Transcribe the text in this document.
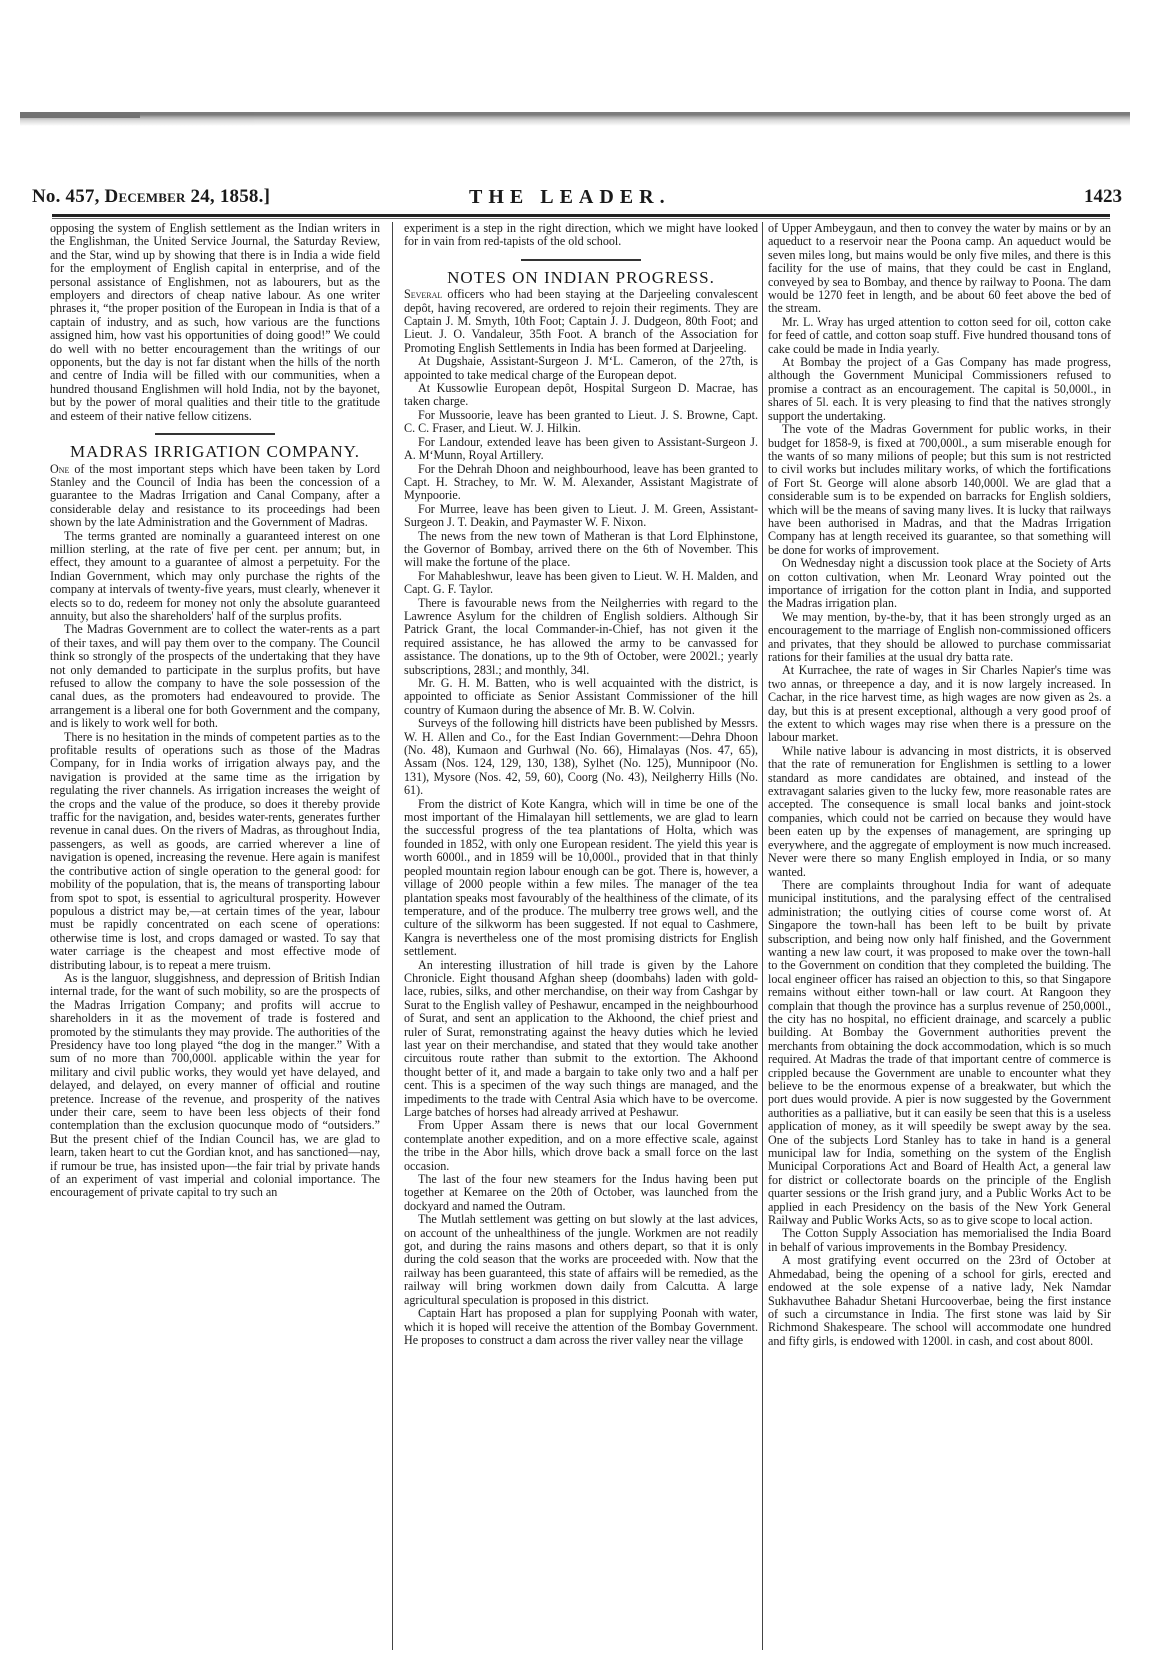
No. 457, December 24, 1858.]	THE LEADER.	1423

opposing the system of English settlement as the Indian writers in the Englishman, the United Service Journal, the Saturday Review, and the Star, wind up by showing that there is in India a wide field for the employment of English capital in enterprise, and of the personal assistance of Englishmen, not as labourers, but as the employers and directors of cheap native labour. As one writer phrases it, “the proper position of the European in India is that of a captain of industry, and as such, how various are the functions assigned him, how vast his opportunities of doing good!” We could do well with no better encouragement than the writings of our opponents, but the day is not far distant when the hills of the north and centre of India will be filled with our communities, when a hundred thousand Englishmen will hold India, not by the bayonet, but by the power of moral qualities and their title to the gratitude and esteem of their native fellow citizens.

MADRAS IRRIGATION COMPANY.

One of the most important steps which have been taken by Lord Stanley and the Council of India has been the concession of a guarantee to the Madras Irrigation and Canal Company, after a considerable delay and resistance to its proceedings had been shown by the late Administration and the Government of Madras.

The terms granted are nominally a guaranteed interest on one million sterling, at the rate of five per cent. per annum; but, in effect, they amount to a guarantee of almost a perpetuity. For the Indian Government, which may only purchase the rights of the company at intervals of twenty-five years, must clearly, whenever it elects so to do, redeem for money not only the absolute guaranteed annuity, but also the shareholders' half of the surplus profits.

The Madras Government are to collect the water-rents as a part of their taxes, and will pay them over to the company. The Council think so strongly of the prospects of the undertaking that they have not only demanded to participate in the surplus profits, but have refused to allow the company to have the sole possession of the canal dues, as the promoters had endeavoured to provide. The arrangement is a liberal one for both Government and the company, and is likely to work well for both.

There is no hesitation in the minds of competent parties as to the profitable results of operations such as those of the Madras Company, for in India works of irrigation always pay, and the navigation is provided at the same time as the irrigation by regulating the river channels. As irrigation increases the weight of the crops and the value of the produce, so does it thereby provide traffic for the navigation, and, besides water-rents, generates further revenue in canal dues. On the rivers of Madras, as throughout India, passengers, as well as goods, are carried wherever a line of navigation is opened, increasing the revenue. Here again is manifest the contributive action of single operation to the general good: for mobility of the population, that is, the means of transporting labour from spot to spot, is essential to agricultural prosperity. However populous a district may be,—at certain times of the year, labour must be rapidly concentrated on each scene of operations: otherwise time is lost, and crops damaged or wasted. To say that water carriage is the cheapest and most effective mode of distributing labour, is to repeat a mere truism.

As is the languor, sluggishness, and depression of British Indian internal trade, for the want of such mobility, so are the prospects of the Madras Irrigation Company; and profits will accrue to shareholders in it as the movement of trade is fostered and promoted by the stimulants they may provide. The authorities of the Presidency have too long played “the dog in the manger.” With a sum of no more than 700,000l. applicable within the year for military and civil public works, they would yet have delayed, and delayed, and delayed, on every manner of official and routine pretence. Increase of the revenue, and prosperity of the natives under their care, seem to have been less objects of their fond contemplation than the exclusion quocunque modo of “outsiders.” But the present chief of the Indian Council has, we are glad to learn, taken heart to cut the Gordian knot, and has sanctioned—nay, if rumour be true, has insisted upon—the fair trial by private hands of an experiment of vast imperial and colonial importance. The encouragement of private capital to try such an

experiment is a step in the right direction, which we might have looked for in vain from red-tapists of the old school.

NOTES ON INDIAN PROGRESS.

Several officers who had been staying at the Darjeeling convalescent depôt, having recovered, are ordered to rejoin their regiments. They are Captain J. M. Smyth, 10th Foot; Captain J. J. Dudgeon, 80th Foot; and Lieut. J. O. Vandaleur, 35th Foot. A branch of the Association for Promoting English Settlements in India has been formed at Darjeeling.

At Dugshaie, Assistant-Surgeon J. M‘L. Cameron, of the 27th, is appointed to take medical charge of the European depot.

At Kussowlie European depôt, Hospital Surgeon D. Macrae, has taken charge.

For Mussoorie, leave has been granted to Lieut. J. S. Browne, Capt. C. C. Fraser, and Lieut. W. J. Hilkin.

For Landour, extended leave has been given to Assistant-Surgeon J. A. M‘Munn, Royal Artillery.

For the Dehrah Dhoon and neighbourhood, leave has been granted to Capt. H. Strachey, to Mr. W. M. Alexander, Assistant Magistrate of Mynpoorie.

For Murree, leave has been given to Lieut. J. M. Green, Assistant-Surgeon J. T. Deakin, and Paymaster W. F. Nixon.

The news from the new town of Matheran is that Lord Elphinstone, the Governor of Bombay, arrived there on the 6th of November. This will make the fortune of the place.

For Mahableshwur, leave has been given to Lieut. W. H. Malden, and Capt. G. F. Taylor.

There is favourable news from the Neilgherries with regard to the Lawrence Asylum for the children of English soldiers. Although Sir Patrick Grant, the local Commander-in-Chief, has not given it the required assistance, he has allowed the army to be canvassed for assistance. The donations, up to the 9th of October, were 2002l.; yearly subscriptions, 283l.; and monthly, 34l.

Mr. G. H. M. Batten, who is well acquainted with the district, is appointed to officiate as Senior Assistant Commissioner of the hill country of Kumaon during the absence of Mr. B. W. Colvin.

Surveys of the following hill districts have been published by Messrs. W. H. Allen and Co., for the East Indian Government:—Dehra Dhoon (No. 48), Kumaon and Gurhwal (No. 66), Himalayas (Nos. 47, 65), Assam (Nos. 124, 129, 130, 138), Sylhet (No. 125), Munnipoor (No. 131), Mysore (Nos. 42, 59, 60), Coorg (No. 43), Neilgherry Hills (No. 61).

From the district of Kote Kangra, which will in time be one of the most important of the Himalayan hill settlements, we are glad to learn the successful progress of the tea plantations of Holta, which was founded in 1852, with only one European resident. The yield this year is worth 6000l., and in 1859 will be 10,000l., provided that in that thinly peopled mountain region labour enough can be got. There is, however, a village of 2000 people within a few miles. The manager of the tea plantation speaks most favourably of the healthiness of the climate, of its temperature, and of the produce. The mulberry tree grows well, and the culture of the silkworm has been suggested. If not equal to Cashmere, Kangra is nevertheless one of the most promising districts for English settlement.

An interesting illustration of hill trade is given by the Lahore Chronicle. Eight thousand Afghan sheep (doombahs) laden with gold-lace, rubies, silks, and other merchandise, on their way from Cashgar by Surat to the English valley of Peshawur, encamped in the neighbourhood of Surat, and sent an application to the Akhoond, the chief priest and ruler of Surat, remonstrating against the heavy duties which he levied last year on their merchandise, and stated that they would take another circuitous route rather than submit to the extortion. The Akhoond thought better of it, and made a bargain to take only two and a half per cent. This is a specimen of the way such things are managed, and the impediments to the trade with Central Asia which have to be overcome. Large batches of horses had already arrived at Peshawur.

From Upper Assam there is news that our local Government contemplate another expedition, and on a more effective scale, against the tribe in the Abor hills, which drove back a small force on the last occasion.

The last of the four new steamers for the Indus having been put together at Kemaree on the 20th of October, was launched from the dockyard and named the Outram.

The Mutlah settlement was getting on but slowly at the last advices, on account of the unhealthiness of the jungle. Workmen are not readily got, and during the rains masons and others depart, so that it is only during the cold season that the works are proceeded with. Now that the railway has been guaranteed, this state of affairs will be remedied, as the railway will bring workmen down daily from Calcutta. A large agricultural speculation is proposed in this district.

Captain Hart has proposed a plan for supplying Poonah with water, which it is hoped will receive the attention of the Bombay Government. He proposes to construct a dam across the river valley near the village

of Upper Ambeygaun, and then to convey the water by mains or by an aqueduct to a reservoir near the Poona camp. An aqueduct would be seven miles long, but mains would be only five miles, and there is this facility for the use of mains, that they could be cast in England, conveyed by sea to Bombay, and thence by railway to Poona. The dam would be 1270 feet in length, and be about 60 feet above the bed of the stream.

Mr. L. Wray has urged attention to cotton seed for oil, cotton cake for feed of cattle, and cotton soap stuff. Five hundred thousand tons of cake could be made in India yearly.

At Bombay the project of a Gas Company has made progress, although the Government Municipal Commissioners refused to promise a contract as an encouragement. The capital is 50,000l., in shares of 5l. each. It is very pleasing to find that the natives strongly support the undertaking.

The vote of the Madras Government for public works, in their budget for 1858-9, is fixed at 700,000l., a sum miserable enough for the wants of so many milions of people; but this sum is not restricted to civil works but includes military works, of which the fortifications of Fort St. George will alone absorb 140,000l. We are glad that a considerable sum is to be expended on barracks for English soldiers, which will be the means of saving many lives. It is lucky that railways have been authorised in Madras, and that the Madras Irrigation Company has at length received its guarantee, so that something will be done for works of improvement.

On Wednesday night a discussion took place at the Society of Arts on cotton cultivation, when Mr. Leonard Wray pointed out the importance of irrigation for the cotton plant in India, and supported the Madras irrigation plan.

We may mention, by-the-by, that it has been strongly urged as an encouragement to the marriage of English non-commissioned officers and privates, that they should be allowed to purchase commissariat rations for their families at the usual dry batta rate.

At Kurrachee, the rate of wages in Sir Charles Napier's time was two annas, or threepence a day, and it is now largely increased. In Cachar, in the rice harvest time, as high wages are now given as 2s. a day, but this is at present exceptional, although a very good proof of the extent to which wages may rise when there is a pressure on the labour market.

While native labour is advancing in most districts, it is observed that the rate of remuneration for Englishmen is settling to a lower standard as more candidates are obtained, and instead of the extravagant salaries given to the lucky few, more reasonable rates are accepted. The consequence is small local banks and joint-stock companies, which could not be carried on because they would have been eaten up by the expenses of management, are springing up everywhere, and the aggregate of employment is now much increased. Never were there so many English employed in India, or so many wanted.

There are complaints throughout India for want of adequate municipal institutions, and the paralysing effect of the centralised administration; the outlying cities of course come worst of. At Singapore the town-hall has been left to be built by private subscription, and being now only half finished, and the Government wanting a new law court, it was proposed to make over the town-hall to the Government on condition that they completed the building. The local engineer officer has raised an objection to this, so that Singapore remains without either town-hall or law court. At Rangoon they complain that though the province has a surplus revenue of 250,000l., the city has no hospital, no efficient drainage, and scarcely a public building. At Bombay the Government authorities prevent the merchants from obtaining the dock accommodation, which is so much required. At Madras the trade of that important centre of commerce is crippled because the Government are unable to encounter what they believe to be the enormous expense of a breakwater, but which the port dues would provide. A pier is now suggested by the Government authorities as a palliative, but it can easily be seen that this is a useless application of money, as it will speedily be swept away by the sea. One of the subjects Lord Stanley has to take in hand is a general municipal law for India, something on the system of the English Municipal Corporations Act and Board of Health Act, a general law for district or collectorate boards on the principle of the English quarter sessions or the Irish grand jury, and a Public Works Act to be applied in each Presidency on the basis of the New York General Railway and Public Works Acts, so as to give scope to local action.

The Cotton Supply Association has memorialised the India Board in behalf of various improvements in the Bombay Presidency.

A most gratifying event occurred on the 23rd of October at Ahmedabad, being the opening of a school for girls, erected and endowed at the sole expense of a native lady, Nek Namdar Sukhavuthee Bahadur Shetani Hurcooverbae, being the first instance of such a circumstance in India. The first stone was laid by Sir Richmond Shakespeare. The school will accommodate one hundred and fifty girls, is endowed with 1200l. in cash, and cost about 800l.
